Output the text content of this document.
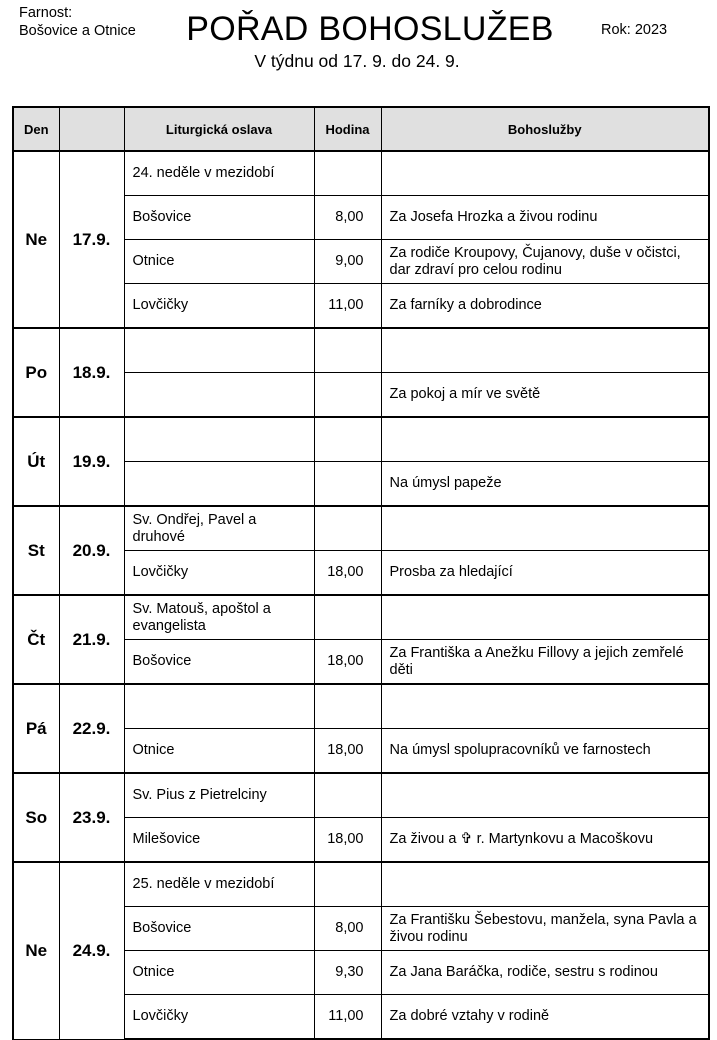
Farnost:
Bošovice a Otnice	POŘAD BOHOSLUŽEB
V týdnu od 17. 9. do 24. 9.
Rok: 2023
Den		Liturgická oslava	Hodina	Bohoslužby
Ne	17.9.	24. neděle v mezidobí		
		Bošovice	8,00	Za Josefa Hrozka a živou rodinu
		Otnice	9,00	Za rodiče Kroupovy, Čujanovy, duše v očistci, dar zdraví pro celou rodinu
		Lovčičky	11,00	Za farníky a dobrodince
Po	18.9.			
				Za pokoj a mír ve světě
Út	19.9.			
				Na úmysl papeže
St	20.9.	Sv. Ondřej, Pavel a druhové		
		Lovčičky	18,00	Prosba za hledající
Čt	21.9.	Sv. Matouš, apoštol a evangelista		
		Bošovice	18,00	Za Františka a Anežku Fillovy a jejich zemřelé děti
Pá	22.9.			
		Otnice	18,00	Na úmysl spolupracovníků ve farnostech
So	23.9.	Sv. Pius z Pietrelciny		
		Milešovice	18,00	Za živou a ✞ r. Martynkovu a Macoškovu
Ne	24.9.	25. neděle v mezidobí		
		Bošovice	8,00	Za Františku Šebestovu, manžela, syna Pavla a živou rodinu
		Otnice	9,30	Za Jana Baráčka, rodiče, sestru s rodinou
		Lovčičky	11,00	Za dobré vztahy v rodině
